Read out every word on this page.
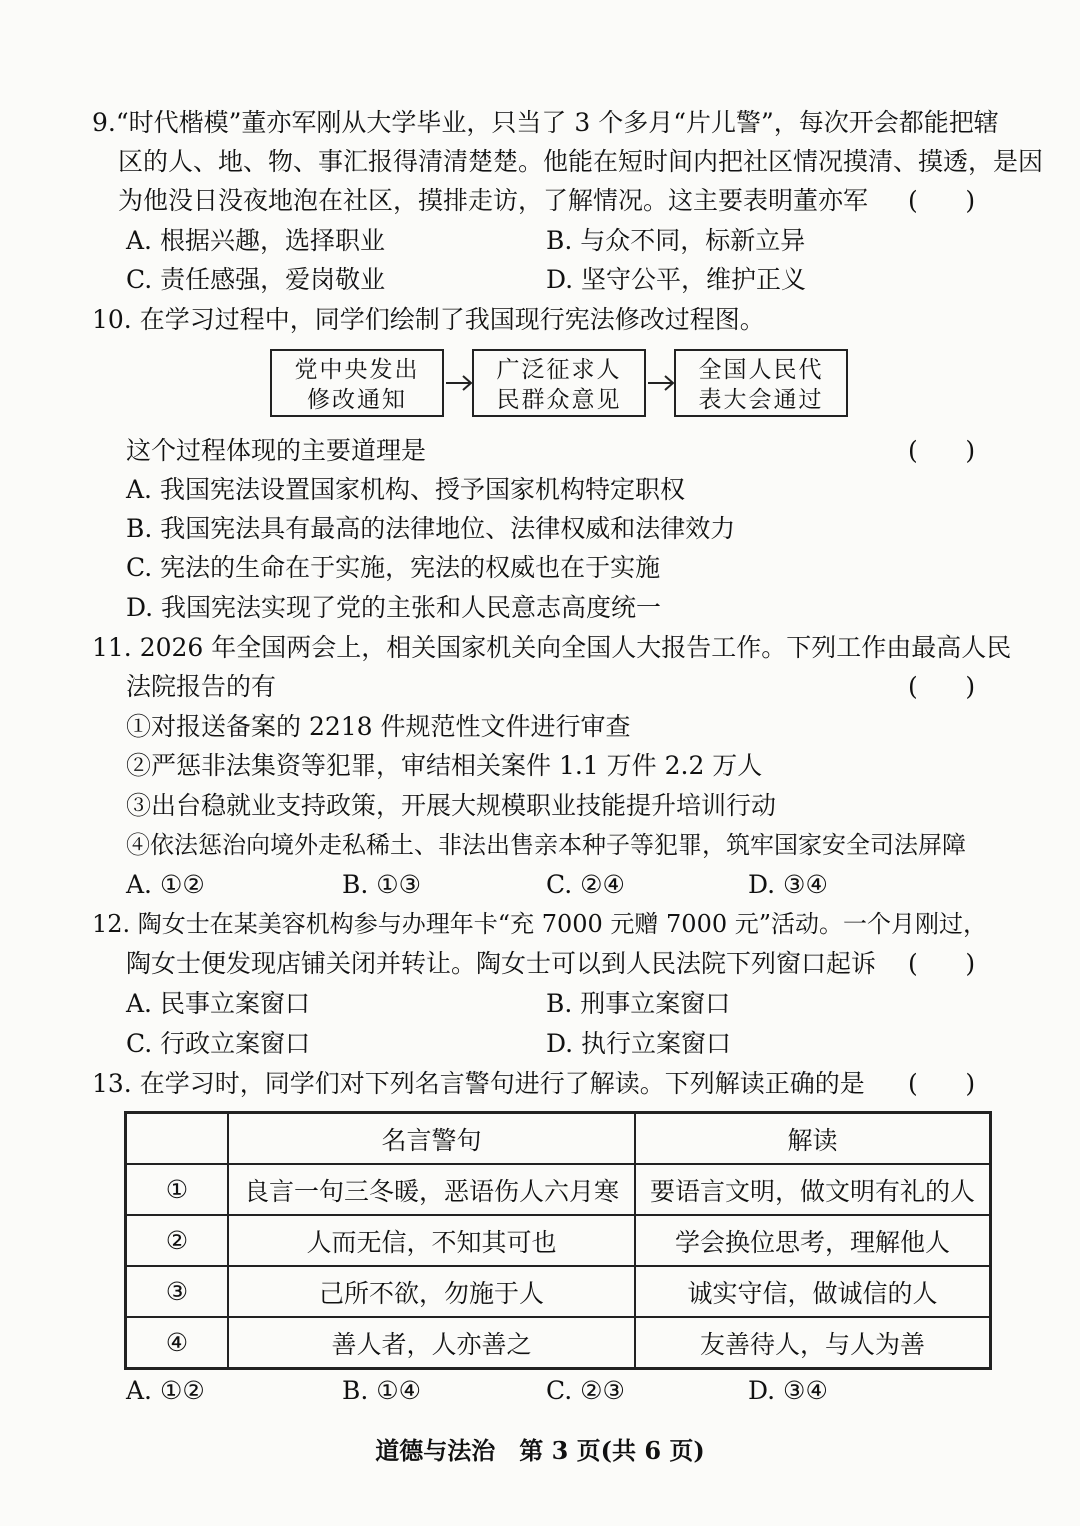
9.“时代楷模”董亦军刚从大学毕业，只当了 3 个多月“片儿警”，每次开会都能把辖
区的人、地、物、事汇报得清清楚楚。他能在短时间内把社区情况摸清、摸透，是因
为他没日没夜地泡在社区，摸排走访，了解情况。这主要表明董亦军 (      )
A. 根据兴趣，选择职业	B. 与众不同，标新立异
C. 责任感强，爱岗敬业	D. 坚守公平，维护正义
10. 在学习过程中，同学们绘制了我国现行宪法修改过程图。
党中央发出
修改通知
广泛征求人
民群众意见
全国人民代
表大会通过
这个过程体现的主要道理是	(      )
A. 我国宪法设置国家机构、授予国家机构特定职权
B. 我国宪法具有最高的法律地位、法律权威和法律效力
C. 宪法的生命在于实施，宪法的权威也在于实施
D. 我国宪法实现了党的主张和人民意志高度统一
11. 2026 年全国两会上，相关国家机关向全国人大报告工作。下列工作由最高人民
法院报告的有	(      )
①对报送备案的 2218 件规范性文件进行审查
②严惩非法集资等犯罪，审结相关案件 1.1 万件 2.2 万人
③出台稳就业支持政策，开展大规模职业技能提升培训行动
④依法惩治向境外走私稀土、非法出售亲本种子等犯罪，筑牢国家安全司法屏障
A. ①②	B. ①③	C. ②④	D. ③④
12. 陶女士在某美容机构参与办理年卡“充 7000 元赠 7000 元”活动。一个月刚过，
陶女士便发现店铺关闭并转让。陶女士可以到人民法院下列窗口起诉 (      )
A. 民事立案窗口	B. 刑事立案窗口
C. 行政立案窗口	D. 执行立案窗口
13. 在学习时，同学们对下列名言警句进行了解读。下列解读正确的是 (      )
	名言警句	解读
①	良言一句三冬暖，恶语伤人六月寒	要语言文明，做文明有礼的人
②	人而无信，不知其可也	学会换位思考，理解他人
③	己所不欲，勿施于人	诚实守信，做诚信的人
④	善人者，人亦善之	友善待人，与人为善
A. ①②	B. ①④	C. ②③	D. ③④
道德与法治　第 3 页(共 6 页)
